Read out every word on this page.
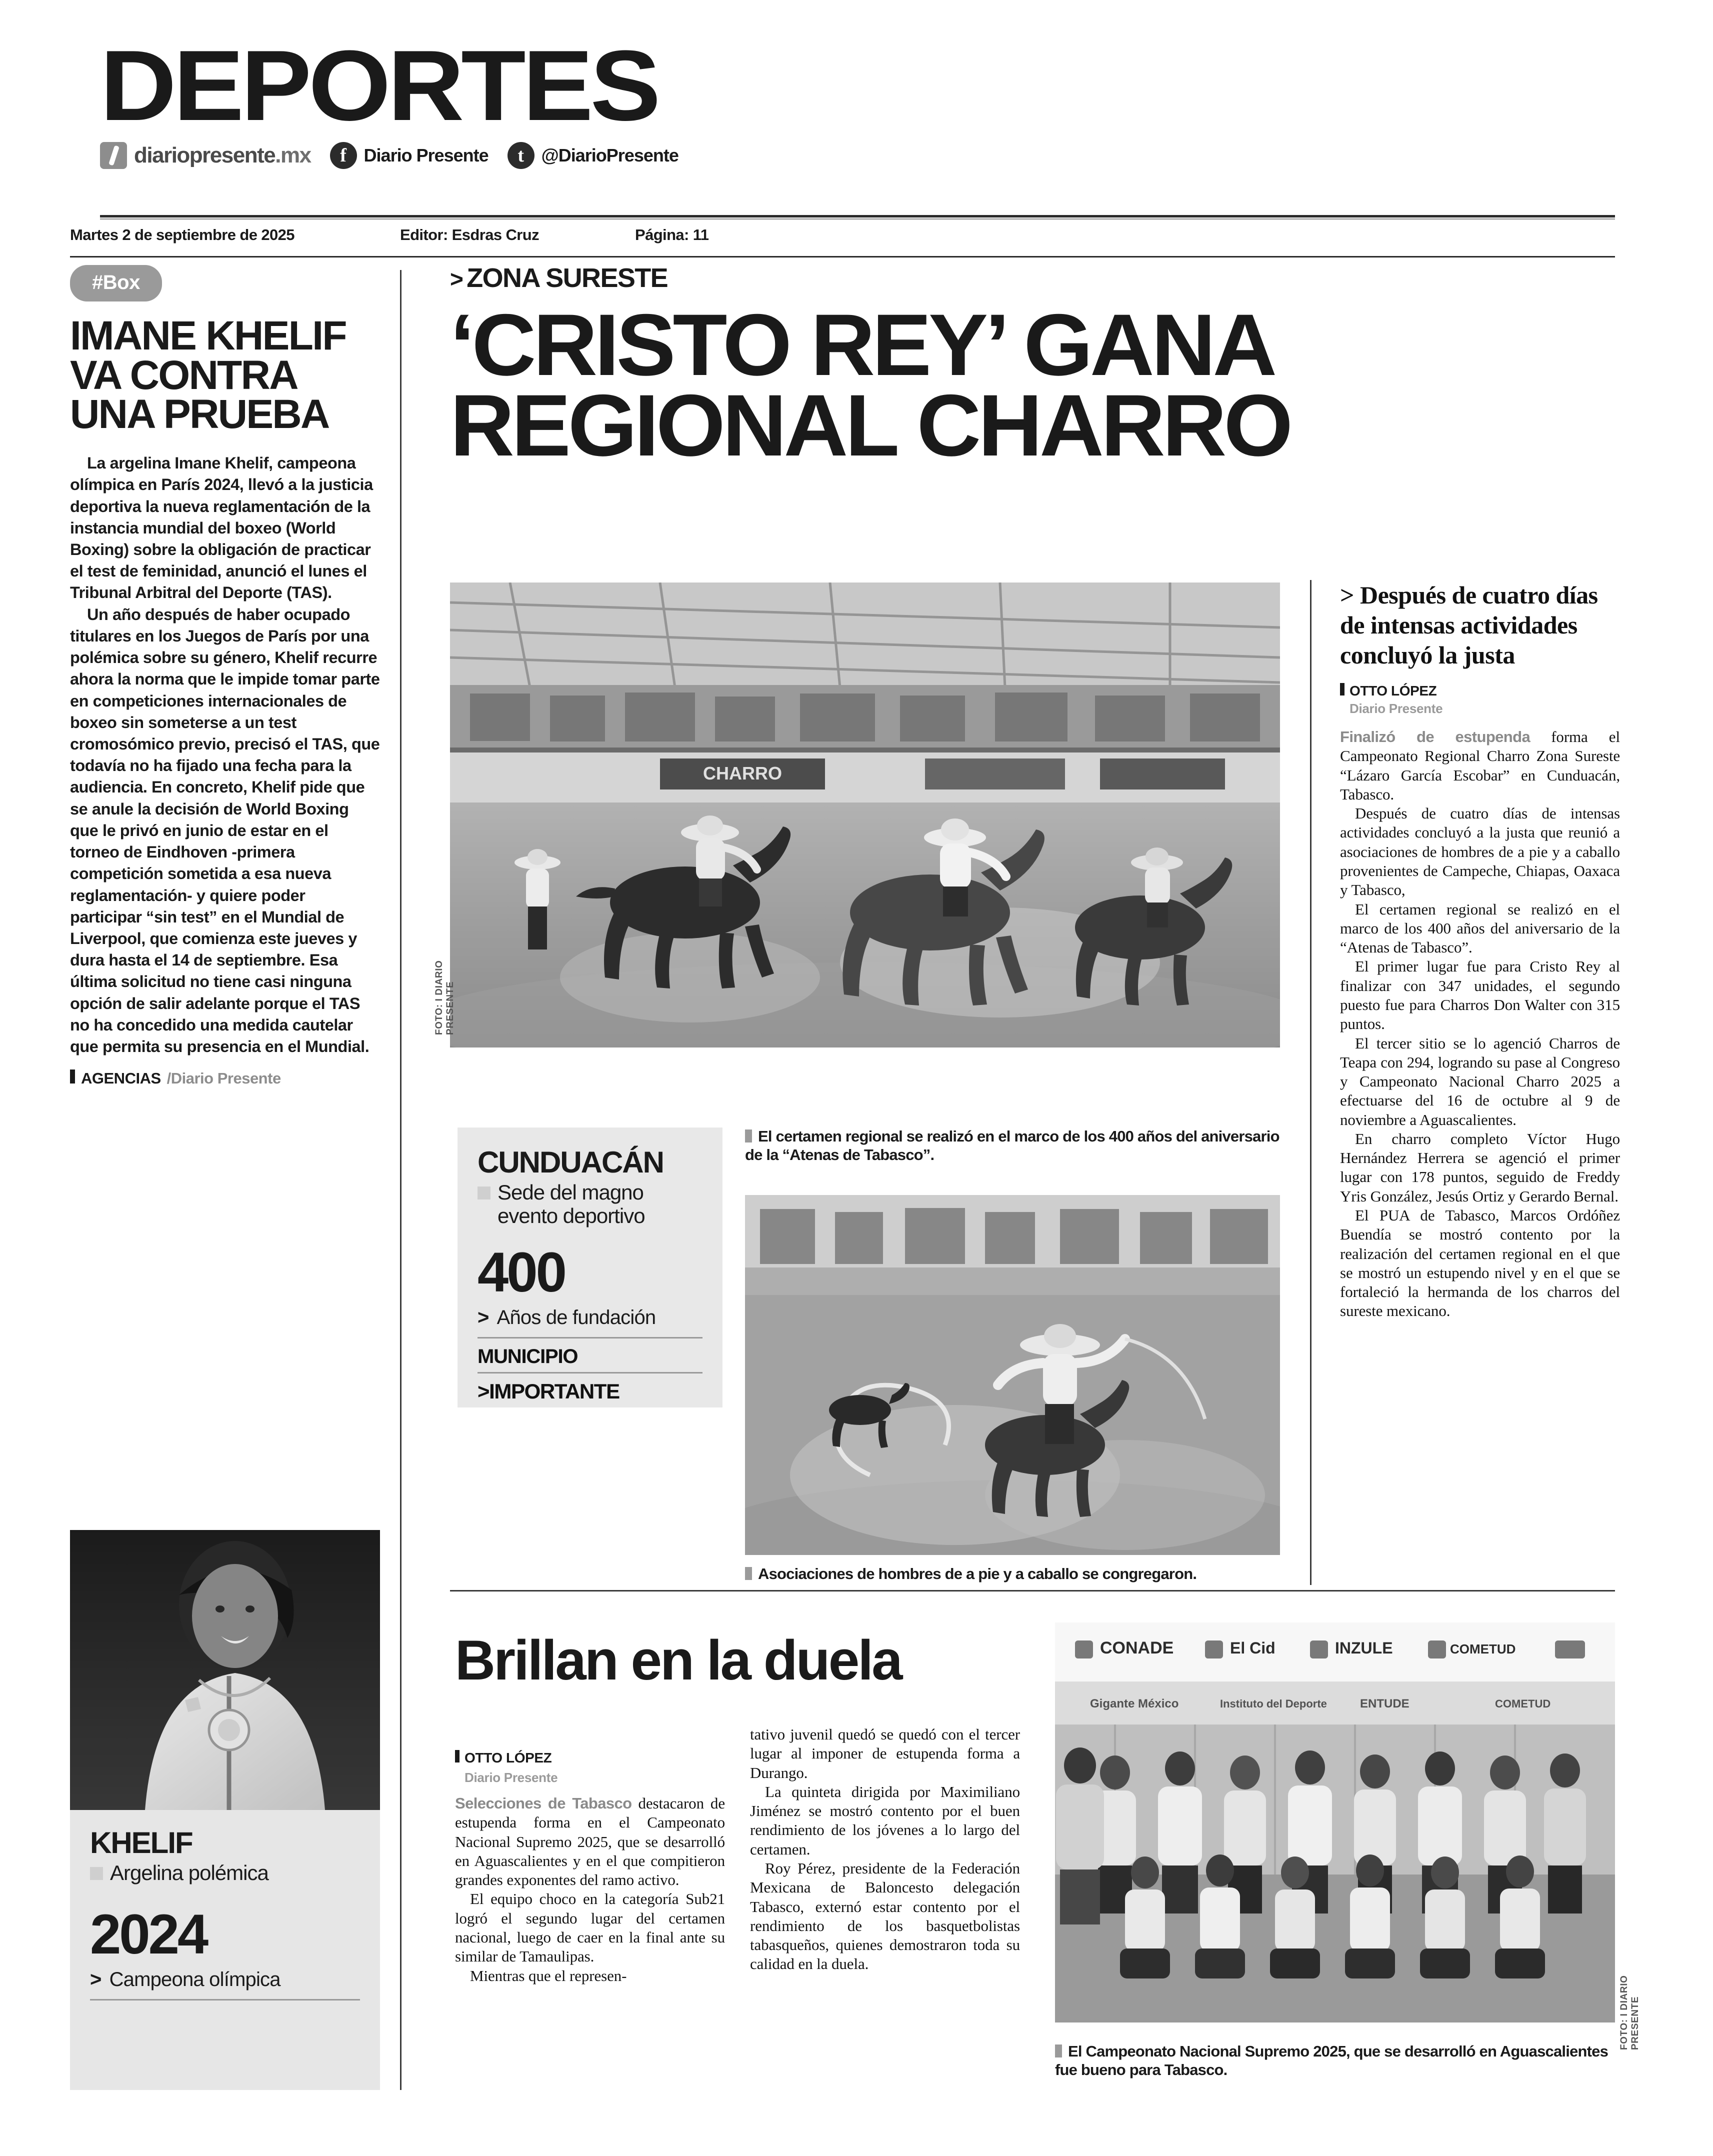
DEPORTES
diariopresente.mx	f Diario Presente	t @DiarioPresente
Martes 2 de septiembre de 2025	Editor: Esdras Cruz	Página: 11
#Box
IMANE KHELIF VA CONTRA UNA PRUEBA

La argelina Imane Khelif, campeona olímpica en París 2024, llevó a la justicia deportiva la nueva reglamentación de la instancia mundial del boxeo (World Boxing) sobre la obligación de practicar el test de feminidad, anunció el lunes el Tribunal Arbitral del Deporte (TAS).

Un año después de haber ocupado titulares en los Juegos de París por una polémica sobre su género, Khelif recurre ahora la norma que le impide tomar parte en competiciones internacionales de boxeo sin someterse a un test cromosómico previo, precisó el TAS, que todavía no ha fijado una fecha para la audiencia. En concreto, Khelif pide que se anule la decisión de World Boxing que le privó en junio de estar en el torneo de Eindhoven -primera competición sometida a esa nueva reglamentación- y quiere poder participar “sin test” en el Mundial de Liverpool, que comienza este jueves y dura hasta el 14 de septiembre. Esa última solicitud no tiene casi ninguna opción de salir adelante porque el TAS no ha concedido una medida cautelar que permita su presencia en el Mundial.

AGENCIAS /Diario Presente
KHELIF
Argelina polémica
2024
> Campeona olímpica
> ZONA SURESTE
‘CRISTO REY’ GANA
REGIONAL CHARRO
CHARRO
FOTO: I DIARIO PRESENTE
El certamen regional se realizó en el marco de los 400 años del aniversario de la “Atenas de Tabasco”.
CUNDUACÁN
Sede del magno evento deportivo
400
> Años de fundación
MUNICIPIO
>IMPORTANTE
Asociaciones de hombres de a pie y a caballo se congregaron.
> Después de cuatro días de intensas actividades concluyó la justa
OTTO LÓPEZ
Diario Presente

Finalizó de estupenda forma el Campeonato Regional Charro Zona Sureste “Lázaro García Escobar” en Cunduacán, Tabasco.

Después de cuatro días de intensas actividades concluyó a la justa que reunió a asociaciones de hombres de a pie y a caballo provenientes de Campeche, Chiapas, Oaxaca y Tabasco,

El certamen regional se realizó en el marco de los 400 años del aniversario de la “Atenas de Tabasco”.

El primer lugar fue para Cristo Rey al finalizar con 347 unidades, el segundo puesto fue para Charros Don Walter con 315 puntos.

El tercer sitio se lo agenció Charros de Teapa con 294, logrando su pase al Congreso y Campeonato Nacional Charro 2025 a efectuarse del 16 de octubre al 9 de noviembre a Aguascalientes.

En charro completo Víctor Hugo Hernández Herrera se agenció el primer lugar con 178 puntos, seguido de Freddy Yris González, Jesús Ortiz y Gerardo Bernal.

El PUA de Tabasco, Marcos Ordóñez Buendía se mostró contento por la realización del certamen regional en el que se mostró un estupendo nivel y en el que se fortaleció la hermanda de los charros del sureste mexicano.

Brillan en la duela
OTTO LÓPEZ
Diario Presente

Selecciones de Tabasco destacaron de estupenda forma en el Campeonato Nacional Supremo 2025, que se desarrolló en Aguascalientes y en el que compitieron grandes exponentes del ramo activo.

El equipo choco en la categoría Sub21 logró el segundo lugar del certamen nacional, luego de caer en la final ante su similar de Tamaulipas.

Mientras que el represen-

tativo juvenil quedó se quedó con el tercer lugar al imponer de estupenda forma a Durango.

La quinteta dirigida por Maximiliano Jiménez se mostró contento por el buen rendimiento de los jóvenes a lo largo del certamen.

Roy Pérez, presidente de la Federación Mexicana de Baloncesto delegación Tabasco, externó estar contento por el rendimiento de los basquetbolistas tabasqueños, quienes demostraron toda su calidad en la duela.

CONADE	El Cid	INZULE	COMETUD
Gigante México	Instituto del Deporte	ENTUDE	COMETUD
FOTO: I DIARIO PRESENTE
El Campeonato Nacional Supremo 2025, que se desarrolló en Aguascalientes fue bueno para Tabasco.
